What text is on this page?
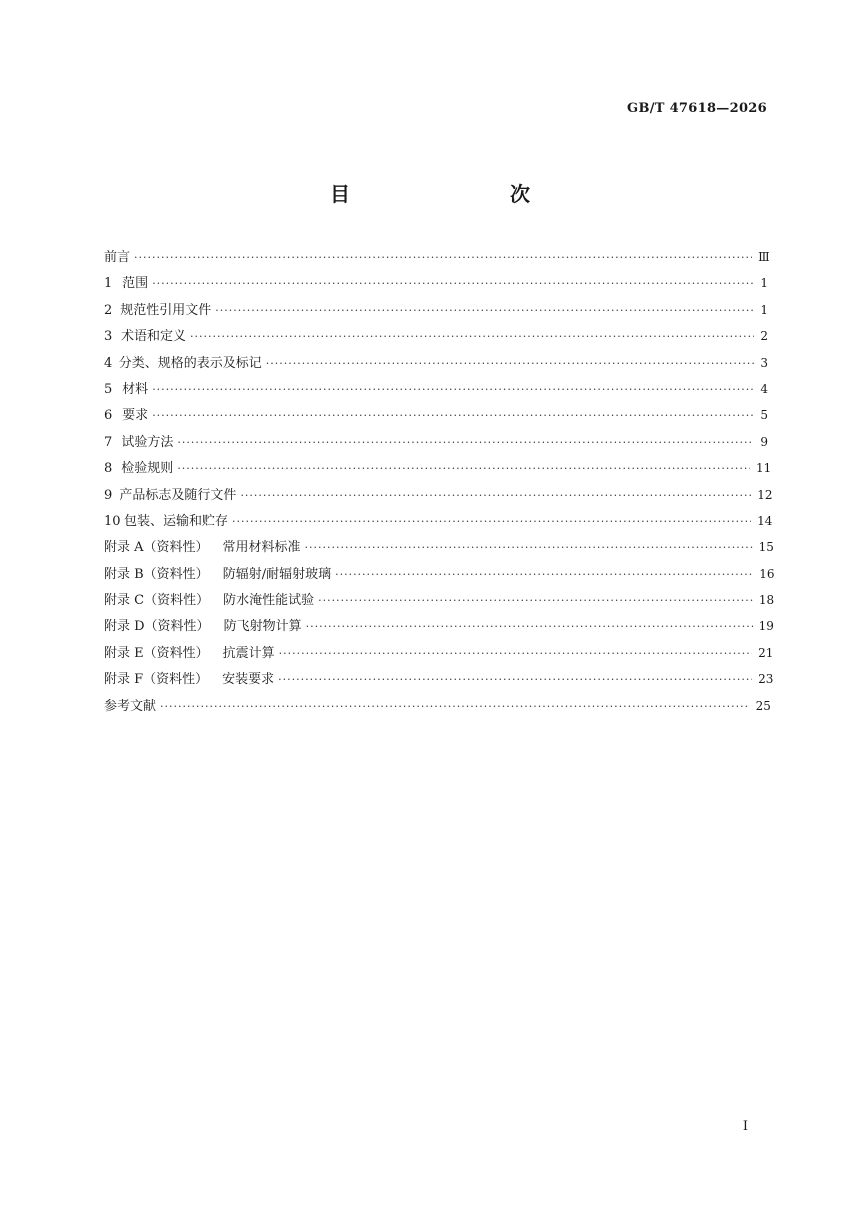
GB/T 47618—2026
目　　次
前言 ·····	Ⅲ
1 范围 ·····	1
2 规范性引用文件 ·····	1
3 术语和定义 ·····	2
4 分类、规格的表示及标记 ·····	3
5 材料 ·····	4
6 要求 ·····	5
7 试验方法 ·····	9
8 检验规则 ·····	11
9 产品标志及随行文件 ·····	12
10 包装、运输和贮存 ·····	14
附录 A（资料性） 常用材料标准 ·····	15
附录 B（资料性） 防辐射/耐辐射玻璃 ·····	16
附录 C（资料性） 防水淹性能试验 ·····	18
附录 D（资料性） 防飞射物计算 ·····	19
附录 E（资料性） 抗震计算 ·····	21
附录 F（资料性） 安装要求 ·····	23
参考文献 ·····	25
Ⅰ
